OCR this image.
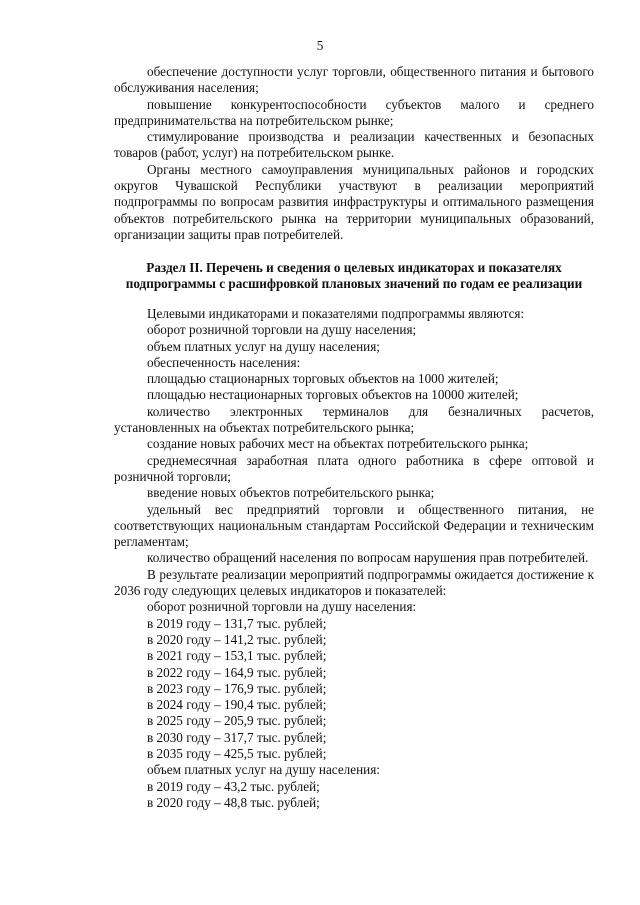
5

обеспечение доступности услуг торговли, общественного питания и бытового обслуживания населения;

повышение конкурентоспособности субъектов малого и среднего предпринимательства на потребительском рынке;

стимулирование производства и реализации качественных и безопасных товаров (работ, услуг) на потребительском рынке.

Органы местного самоуправления муниципальных районов и городских округов Чувашской Республики участвуют в реализации мероприятий подпрограммы по вопросам развития инфраструктуры и оптимального размещения объектов потребительского рынка на территории муниципальных образований, организации защиты прав потребителей.

Раздел II. Перечень и сведения о целевых индикаторах и показателях
подпрограммы с расшифровкой плановых значений по годам ее реализации

Целевыми индикаторами и показателями подпрограммы являются:

оборот розничной торговли на душу населения;

объем платных услуг на душу населения;

обеспеченность населения:

площадью стационарных торговых объектов на 1000 жителей;

площадью нестационарных торговых объектов на 10000 жителей;

количество электронных терминалов для безналичных расчетов, установленных на объектах потребительского рынка;

создание новых рабочих мест на объектах потребительского рынка;

среднемесячная заработная плата одного работника в сфере оптовой и розничной торговли;

введение новых объектов потребительского рынка;

удельный вес предприятий торговли и общественного питания, не соответствующих национальным стандартам Российской Федерации и техническим регламентам;

количество обращений населения по вопросам нарушения прав потребителей.

В результате реализации мероприятий подпрограммы ожидается достижение к 2036 году следующих целевых индикаторов и показателей:

оборот розничной торговли на душу населения:

в 2019 году – 131,7 тыс. рублей;

в 2020 году – 141,2 тыс. рублей;

в 2021 году – 153,1 тыс. рублей;

в 2022 году – 164,9 тыс. рублей;

в 2023 году – 176,9 тыс. рублей;

в 2024 году – 190,4 тыс. рублей;

в 2025 году – 205,9 тыс. рублей;

в 2030 году – 317,7 тыс. рублей;

в 2035 году – 425,5 тыс. рублей;

объем платных услуг на душу населения:

в 2019 году – 43,2 тыс. рублей;

в 2020 году – 48,8 тыс. рублей;
